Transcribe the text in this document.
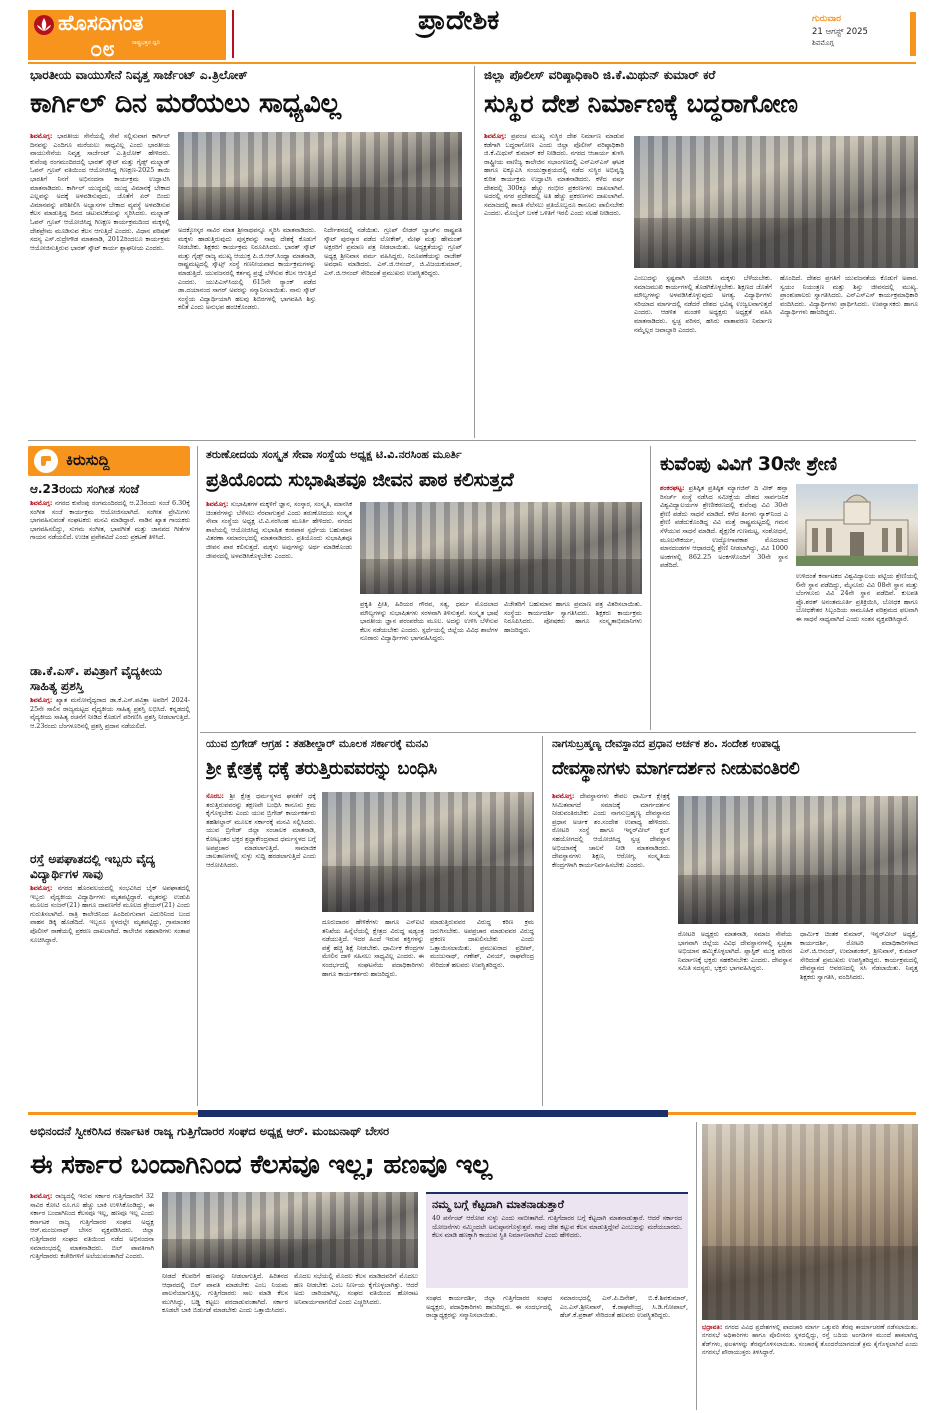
ಹೊಸದಿಗಂತ
ರಾಷ್ಟ್ರಭಕ್ತರ ಧ್ವನಿ
೦೮
ಪ್ರಾದೇಶಿಕ	ಗುರುವಾರ
21 ಆಗಸ್ಟ್ 2025
ಶಿವಮೊಗ್ಗ
ಭಾರತೀಯ ವಾಯುಸೇನೆ ನಿವೃತ್ತ ಸಾರ್ಜೆಂಟ್ ಎ.ತ್ರಿಲೋಕ್
ಕಾರ್ಗಿಲ್ ದಿನ ಮರೆಯಲು ಸಾಧ್ಯವಿಲ್ಲ
ಶಿವಮೊಗ್ಗ: ಭಾರತೀಯ ಸೇನೆಯಲ್ಲಿ ಸೇವೆ ಸಲ್ಲಿಸುವಾಗ ಕಾರ್ಗಿಲ್ ದಿನವನ್ನು ಎಂದಿಗೂ ಮರೆಯಲು ಸಾಧ್ಯವಿಲ್ಲ ಎಂದು ಭಾರತೀಯ ವಾಯುಸೇನೆಯ ನಿವೃತ್ತ ಸಾರ್ಜೆಂಟ್ ಎ.ತ್ರಿಲೋಕ್ ಹೇಳಿದರು. ಕುವೆಂಪು ರಂಗಮಂದಿರದಲ್ಲಿ ಭಾರತ್ ಸ್ಕೌಟ್ ಮತ್ತು ಗೈಡ್ಸ್ ಮಲ್ನಾಡ್ ಓಪನ್ ಗ್ರೂಪ್ ವತಿಯಿಂದ ಆಯೋಜಿಸಿದ್ದ ಗಿಣಕ್ಷಣ-2025 ತಾಯಿ ಭಾರತಿಗೆ ನಿನಗೆ ಅಭಿನಂದನಾ ಕಾರ್ಯಕ್ರಮ ಉದ್ಘಾಟಿಸಿ ಮಾತನಾಡಿದರು. ಕಾರ್ಗಿಲ್ ಯುದ್ಧದಲ್ಲಿ ಯುದ್ಧ ವಿಮಾನಕ್ಕೆ ಬೇಕಾದ ಎಲ್ಲವನ್ನು ಅದಕ್ಕೆ ಅಳವಡಿಸುವುದು, ಜೊತೆಗೆ ಏರ್ ಬಿಂದು ವಿಮಾನವನ್ನು ಪರಿಶೀಲಿಸಿ ಅಭ್ಯಾಸಗಳ ಬೇಕಾದ ವ್ಯವಸ್ಥೆ ಅಳವಡಿಸುವ ಕೆಲಸ ಮಾಡುತ್ತಿದ್ದ ದಿನದ ಚಟುವಟಿಕೆಯನ್ನು ಸ್ಮರಿಸಿದರು. ಮಲ್ನಾಡ್ ಓಪನ್ ಗ್ರೂಪ್ ಆಯೋಜಿಸಿದ್ದ ಗಿಣಕ್ಷಣ ಕಾರ್ಯಕ್ರಮದಿಂದ ಮಕ್ಕಳಲ್ಲಿ ದೇಶಪ್ರೇಮ ಮೂಡಿಸುವ ಕೆಲಸ ಆಗುತ್ತಿದೆ ಎಂದರು. ವಿಧಾನ ಪರಿಷತ್ ಸದಸ್ಯ ಎಸ್.ರುದ್ರೇಗೌಡ ಮಾತನಾಡಿ, 2012ರಿಂದಲೂ ಕಾರ್ಯಕ್ರಮ ಆಯೋಜಿಸುತ್ತಿರುವ ಭಾರತ್ ಸ್ಕೌಟ್ ಕಾರ್ಯ ಶ್ಲಾಘನೀಯ ಎಂದರು.
ಅದಕ್ಕೋಸ್ಕರ ಸಾವಿರ ಮಾತ ಶ್ರೀನಾಥವನ್ನೂ ಸ್ಮರಿಸಿ ಮಾತನಾಡಿದರು. ಮಕ್ಕಳು ಹಾಡುತ್ತಿರುವುದು ಪುಸ್ತಕವನ್ನು ನಾವು ದೇಶಕ್ಕೆ ಕೊಡುಗೆ ನೀಡಬೇಕು. ಶಿಕ್ಷಕರು ಕಾರ್ಯಕ್ರಮ ನಿರೂಪಿಸಿದರು. ಭಾರತ್ ಸ್ಕೌಟ್ ಮತ್ತು ಗೈಡ್ಸ್ ರಾಜ್ಯ ಮುಖ್ಯ ಆಯುಕ್ತ ಪಿ.ಜಿ.ಆರ್.ಸಿಂಧ್ಯಾ ಮಾತನಾಡಿ, ರಾಷ್ಟ್ರಮಟ್ಟದಲ್ಲಿ ಸ್ಕೌಟ್ಸ್ ಸಂಸ್ಥೆ ಗಣನೀಯವಾದ ಕಾರ್ಯಕ್ರಮಗಳನ್ನು ಮಾಡುತ್ತಿದೆ. ಯುವಜನರಲ್ಲಿ ಕರ್ತವ್ಯ ಪ್ರಜ್ಞೆ ಬೆಳೆಸುವ ಕೆಲಸ ಆಗುತ್ತಿದೆ ಎಂದರು. ಯುಪಿಎಸ್‌ಸಿಯಲ್ಲಿ 615ನೇ ರ‍್ಯಾಂಕ್ ಪಡೆದ ಡಾ.ದಯಾನಂದ ಸಾಗರ್ ಅವರನ್ನು ಸನ್ಮಾನಿಸಲಾಯಿತು. ನಾನು ಸ್ಕೌಟ್ ಸಂಸ್ಥೆಯ ವಿದ್ಯಾರ್ಥಿಯಾಗಿ ಹಲವು ಶಿಬಿರಗಳಲ್ಲಿ ಭಾಗವಹಿಸಿ ಶಿಸ್ತು ಕಲಿತೆ ಎಂದು ಅನುಭವ ಹಂಚಿಕೊಂಡರು.
ನಿರ್ದೇಶನದಲ್ಲಿ ನಡೆಯಿತು. ಗ್ರೂಪ್ ಲೀಡರ್ ಬ್ಯಾಚ್‌ನ ರಾಷ್ಟ್ರಪತಿ ಸ್ಕೌಟ್ ಪುರಸ್ಕಾರ ಪಡೆದ ಲೋಕೇಶ್, ಮೇಘ ಮತ್ತು ಹೇಮಂತ್ ಅಕ್ಷರರಿಗೆ ಪ್ರಮಾಣ ಪತ್ರ ನೀಡಲಾಯಿತು. ಅದ್ಯಕ್ಷತೆಯನ್ನು ಗ್ರೂಪ್ ಅಧ್ಯಕ್ಷ ಶ್ರೀನಿವಾಸ ವರ್ಮ ವಹಿಸಿದ್ದರು. ನಿರೂಪಣೆಯನ್ನು ರಾಜೇಶ್ ಅವಧಾನಿ ಮಾಡಿದರು. ಎಸ್.ಜಿ.ಆನಂದ್, ಜಿ.ವಿಜಯಕುಮಾರ್, ಎಸ್.ಜಿ.ಆನಂದ್ ಸೇರಿದಂತೆ ಪ್ರಮುಖರು ಉಪಸ್ಥಿತರಿದ್ದರು.
ಜಿಲ್ಲಾ ಪೊಲೀಸ್ ವರಿಷ್ಠಾಧಿಕಾರಿ ಜಿ.ಕೆ.ಮಿಥುನ್ ಕುಮಾರ್ ಕರೆ
ಸುಸ್ಥಿರ ದೇಶ ನಿರ್ಮಾಣಕ್ಕೆ ಬದ್ಧರಾಗೋಣ
ಶಿವಮೊಗ್ಗ: ಪ್ರಪಂಚ ಮುಖ್ಯ ಸುಸ್ಥಿರ ದೇಶ ನಿರ್ಮಾಣ ಮಾಡುವ ಕಡೆಗಾಗಿ ಬದ್ಧರಾಗೋಣ ಎಂದು ಜಿಲ್ಲಾ ಪೊಲೀಸ್ ವರಿಷ್ಠಾಧಿಕಾರಿ ಜಿ.ಕೆ.ಮಿಥುನ್ ಕುಮಾರ್ ಕರೆ ನೀಡಿದರು. ನಗರದ ಆಚಾರ್ಯ ತುಳಸಿ ರಾಷ್ಟ್ರೀಯ ವಾಣಿಜ್ಯ ಕಾಲೇಜಿನ ಸಭಾಂಗಣದಲ್ಲಿ ಎನ್‌ಎಸ್‌ಎಸ್ ಘಟಕ ಹಾಗೂ ಐಕ್ಯೂಎಸಿ ಸಂಯುಕ್ತಾಶ್ರಯದಲ್ಲಿ ನಡೆದ ಸುಸ್ಥಿರ ಅಭಿವೃದ್ಧಿ ಕುರಿತ ಕಾರ್ಯಕ್ರಮ ಉದ್ಘಾಟಿಸಿ ಮಾತನಾಡಿದರು. ಕಳೆದ ವರ್ಷ ದೇಶದಲ್ಲಿ 300ಕ್ಕೂ ಹೆಚ್ಚು ಗಂಭೀರ ಪ್ರಕರಣಗಳು ದಾಖಲಾಗಿವೆ. ಅದರಲ್ಲಿ ನಗರ ಪ್ರದೇಶದಲ್ಲಿ ಅತಿ ಹೆಚ್ಚು ಪ್ರಕರಣಗಳು ದಾಖಲಾಗಿವೆ. ಸಮಾಜದಲ್ಲಿ ಶಾಂತಿ ನೆಲೆಸಲು ಪ್ರತಿಯೊಬ್ಬರೂ ಕಾನೂನು ಪಾಲಿಸಬೇಕು ಎಂದರು. ಮೊಬೈಲ್ ಬಳಕೆ ಒಳಿತಿಗೆ ಇರಲಿ ಎಂದು ಸಲಹೆ ನೀಡಿದರು.
ಎಂಬುದನ್ನು ಸ್ಪಷ್ಟವಾಗಿ ಯೋಚಿಸಿ ಮಕ್ಕಳು ಬೆಳೆಯಬೇಕು. ಸಮಾಜಮುಖಿ ಕಾರ್ಯಗಳಲ್ಲಿ ತೊಡಗಿಕೊಳ್ಳಬೇಕು. ಶಿಕ್ಷಣದ ಜೊತೆಗೆ ಮೌಲ್ಯಗಳನ್ನು ಅಳವಡಿಸಿಕೊಳ್ಳುವುದು ಅಗತ್ಯ. ವಿದ್ಯಾರ್ಥಿಗಳು ಸರಿಯಾದ ಮಾರ್ಗದಲ್ಲಿ ನಡೆದರೆ ದೇಶದ ಭವಿಷ್ಯ ಉಜ್ವಲವಾಗುತ್ತದೆ ಎಂದರು. ಆಡಳಿತ ಮಂಡಳಿ ಅಧ್ಯಕ್ಷರು ಅಧ್ಯಕ್ಷತೆ ವಹಿಸಿ ಮಾತನಾಡಿದರು. ಸ್ವಚ್ಛ ಪರಿಸರ, ಹಸಿರು ವಾತಾವರಣ ನಿರ್ಮಾಣ ನಮ್ಮೆಲ್ಲರ ಜವಾಬ್ದಾರಿ ಎಂದರು.
ಹೊಂದಿದೆ. ದೇಶದ ಪ್ರಗತಿಗೆ ಯುವಜನತೆಯ ಕೊಡುಗೆ ಅಪಾರ. ಸ್ವಯಂ ನಿಯಂತ್ರಣ ಮತ್ತು ಶಿಸ್ತು ಜೀವನದಲ್ಲಿ ಮುಖ್ಯ. ಪ್ರಾಂಶುಪಾಲರು ಸ್ವಾಗತಿಸಿದರು. ಎನ್‌ಎಸ್‌ಎಸ್ ಕಾರ್ಯಕ್ರಮಾಧಿಕಾರಿ ವಂದಿಸಿದರು. ವಿದ್ಯಾರ್ಥಿಗಳು ಪ್ರಾರ್ಥಿಸಿದರು. ಉಪನ್ಯಾಸಕರು ಹಾಗೂ ವಿದ್ಯಾರ್ಥಿಗಳು ಹಾಜರಿದ್ದರು.
ಕಿರುಸುದ್ದಿ
ಆ.23ರಂದು ಸಂಗೀತ ಸಂಜೆ
ಶಿವಮೊಗ್ಗ: ನಗರದ ಕುವೆಂಪು ರಂಗಮಂದಿರದಲ್ಲಿ ಆ.23ರಂದು ಸಂಜೆ 6.30ಕ್ಕೆ ಸಂಗೀತ ಸಂಜೆ ಕಾರ್ಯಕ್ರಮ ಆಯೋಜಿಸಲಾಗಿದೆ. ಸಂಗೀತ ಪ್ರೇಮಿಗಳು ಭಾಗವಹಿಸುವಂತೆ ಸಂಘಟಕರು ಮನವಿ ಮಾಡಿದ್ದಾರೆ. ನಾಡಿನ ಖ್ಯಾತ ಗಾಯಕರು ಭಾಗವಹಿಸಲಿದ್ದು, ಸುಗಮ ಸಂಗೀತ, ಭಾವಗೀತೆ ಮತ್ತು ಜಾನಪದ ಗೀತೆಗಳ ಗಾಯನ ನಡೆಯಲಿದೆ. ಉಚಿತ ಪ್ರವೇಶವಿದೆ ಎಂದು ಪ್ರಕಟಣೆ ತಿಳಿಸಿದೆ.
ಡಾ.ಕೆ.ಎಸ್. ಪವಿತ್ರಾಗೆ ವೈದ್ಯಕೀಯ ಸಾಹಿತ್ಯ ಪ್ರಶಸ್ತಿ
ಶಿವಮೊಗ್ಗ: ಖ್ಯಾತ ಮನೋವೈದ್ಯರಾದ ಡಾ.ಕೆ.ಎಸ್.ಪವಿತ್ರಾ ಅವರಿಗೆ 2024-25ನೇ ಸಾಲಿನ ರಾಜ್ಯಮಟ್ಟದ ವೈದ್ಯಕೀಯ ಸಾಹಿತ್ಯ ಪ್ರಶಸ್ತಿ ಲಭಿಸಿದೆ. ಕನ್ನಡದಲ್ಲಿ ವೈದ್ಯಕೀಯ ಸಾಹಿತ್ಯ ರಚನೆಗೆ ನೀಡಿದ ಕೊಡುಗೆ ಪರಿಗಣಿಸಿ ಪ್ರಶಸ್ತಿ ನೀಡಲಾಗುತ್ತಿದೆ. ಆ.23ರಂದು ಬೆಂಗಳೂರಿನಲ್ಲಿ ಪ್ರಶಸ್ತಿ ಪ್ರದಾನ ನಡೆಯಲಿದೆ.
ರಸ್ತೆ ಅಪಘಾತದಲ್ಲಿ ಇಬ್ಬರು ವೈದ್ಯ ವಿದ್ಯಾರ್ಥಿಗಳ ಸಾವು
ಶಿವಮೊಗ್ಗ: ನಗರದ ಹೊರವಲಯದಲ್ಲಿ ಸಂಭವಿಸಿದ ಬೈಕ್ ಅಪಘಾತದಲ್ಲಿ ಇಬ್ಬರು ವೈದ್ಯಕೀಯ ವಿದ್ಯಾರ್ಥಿಗಳು ಮೃತಪಟ್ಟಿದ್ದಾರೆ. ಮೃತರನ್ನು ಉಡುಪಿ ಮೂಲದ ಸಂಜನ್(21) ಹಾಗೂ ದಾವಣಗೆರೆ ಮೂಲದ ಶ್ರೇಯಸ್(21) ಎಂದು ಗುರುತಿಸಲಾಗಿದೆ. ರಾತ್ರಿ ಕಾಲೇಜಿನಿಂದ ಹಿಂದಿರುಗುವಾಗ ಎದುರಿನಿಂದ ಬಂದ ವಾಹನ ಡಿಕ್ಕಿ ಹೊಡೆದಿದೆ. ಇಬ್ಬರೂ ಸ್ಥಳದಲ್ಲೇ ಮೃತಪಟ್ಟಿದ್ದು, ಗ್ರಾಮಾಂತರ ಪೊಲೀಸ್ ಠಾಣೆಯಲ್ಲಿ ಪ್ರಕರಣ ದಾಖಲಾಗಿದೆ. ಕಾಲೇಜಿನ ಸಹಪಾಠಿಗಳು ಸಂತಾಪ ಸೂಚಿಸಿದ್ದಾರೆ.
ತರುಣೋದಯ ಸಂಸ್ಕೃತ ಸೇವಾ ಸಂಸ್ಥೆಯ ಅಧ್ಯಕ್ಷ ಟಿ.ವಿ.ನರಸಿಂಹ ಮೂರ್ತಿ
ಪ್ರತಿಯೊಂದು ಸುಭಾಷಿತವೂ ಜೀವನ ಪಾಠ ಕಲಿಸುತ್ತದೆ
ಶಿವಮೊಗ್ಗ: ಸುಭಾಷಿತಗಳ ಮಕ್ಕಳಿಗೆ ಜ್ಞಾನ, ಸಂಸ್ಕಾರ, ಸಂಸ್ಕೃತಿ, ಮಾನಸಿಕ ಚಿಂತನೆಗಳನ್ನು ಬೆಳೆಸಲು ನೆರವಾಗುತ್ತವೆ ಎಂದು ತರುಣೋದಯ ಸಂಸ್ಕೃತ ಸೇವಾ ಸಂಸ್ಥೆಯ ಅಧ್ಯಕ್ಷ ಟಿ.ವಿ.ನರಸಿಂಹ ಮೂರ್ತಿ ಹೇಳಿದರು. ನಗರದ ಶಾಲೆಯಲ್ಲಿ ಆಯೋಜಿಸಿದ್ದ ಸುಭಾಷಿತ ಕಂಠಪಾಠ ಸ್ಪರ್ಧೆಯ ಬಹುಮಾನ ವಿತರಣಾ ಸಮಾರಂಭದಲ್ಲಿ ಮಾತನಾಡಿದರು. ಪ್ರತಿಯೊಂದು ಸುಭಾಷಿತವೂ ಜೀವನ ಪಾಠ ಕಲಿಸುತ್ತದೆ. ಮಕ್ಕಳು ಅವುಗಳನ್ನು ಅರ್ಥ ಮಾಡಿಕೊಂಡು ಜೀವನದಲ್ಲಿ ಅಳವಡಿಸಿಕೊಳ್ಳಬೇಕು ಎಂದರು.
ಪ್ರಕೃತಿ ಪ್ರೀತಿ, ಹಿರಿಯರ ಗೌರವ, ಸತ್ಯ, ಧರ್ಮ ಮೊದಲಾದ ಮೌಲ್ಯಗಳನ್ನು ಸುಭಾಷಿತಗಳು ಸರಳವಾಗಿ ತಿಳಿಸುತ್ತವೆ. ಸಂಸ್ಕೃತ ಭಾಷೆ ಭಾರತೀಯ ಜ್ಞಾನ ಪರಂಪರೆಯ ಮೂಲ. ಅದನ್ನು ಉಳಿಸಿ ಬೆಳೆಸುವ ಕೆಲಸ ನಡೆಯಬೇಕು ಎಂದರು. ಸ್ಪರ್ಧೆಯಲ್ಲಿ ಜಿಲ್ಲೆಯ ವಿವಿಧ ಶಾಲೆಗಳ ನೂರಾರು ವಿದ್ಯಾರ್ಥಿಗಳು ಭಾಗವಹಿಸಿದ್ದರು.
ವಿಜೇತರಿಗೆ ಬಹುಮಾನ ಹಾಗೂ ಪ್ರಮಾಣ ಪತ್ರ ವಿತರಿಸಲಾಯಿತು. ಸಂಸ್ಥೆಯ ಕಾರ್ಯದರ್ಶಿ ಸ್ವಾಗತಿಸಿದರು. ಶಿಕ್ಷಕರು ಕಾರ್ಯಕ್ರಮ ನಿರೂಪಿಸಿದರು. ಪೋಷಕರು ಹಾಗೂ ಸಂಸ್ಕೃತಾಭಿಮಾನಿಗಳು ಹಾಜರಿದ್ದರು.
ಕುವೆಂಪು ವಿವಿಗೆ 30ನೇ ಶ್ರೇಣಿ
ಶಂಕರಘಟ್ಟ: ಪ್ರತಿಷ್ಠಿತ ಪ್ರತಿಷ್ಠಿತ ಮ್ಯಾಗಜಿನ್ ದಿ ವೀಕ್ ಹನ್ಸಾ ರಿಸರ್ಚ್ ಸಂಸ್ಥೆ ನಡೆಸಿದ ಸಮೀಕ್ಷೆಯ ದೇಶದ ಸಾರ್ವಜನಿಕ ವಿಶ್ವವಿದ್ಯಾಲಯಗಳ ಶ್ರೇಣೀಕರಣದಲ್ಲಿ ಕುವೆಂಪು ವಿವಿ 30ನೇ ಶ್ರೇಣಿ ಪಡೆದು ಸಾಧನೆ ಮಾಡಿದೆ. ಕಳೆದ ತಿಂಗಳು ನ್ಯಾಕ್‌ನಿಂದ ಎ ಶ್ರೇಣಿ ಪಡೆದುಕೊಂಡಿದ್ದ ವಿವಿ ಮತ್ತೆ ರಾಷ್ಟ್ರಮಟ್ಟದಲ್ಲಿ ಗಮನ ಸೆಳೆಯುವ ಸಾಧನೆ ಮಾಡಿದೆ. ಶೈಕ್ಷಣಿಕ ಗುಣಮಟ್ಟ, ಸಂಶೋಧನೆ, ಮೂಲಸೌಕರ್ಯ, ಉದ್ಯೋಗಾವಕಾಶ ಮೊದಲಾದ ಮಾನದಂಡಗಳ ಆಧಾರದಲ್ಲಿ ಶ್ರೇಣಿ ನೀಡಲಾಗಿದ್ದು, ವಿವಿ 1000 ಅಂಕಗಳಲ್ಲಿ 862.25 ಅಂಕಗಳೊಂದಿಗೆ 30ನೇ ಸ್ಥಾನ ಪಡೆದಿದೆ.
ಉಳಿದಂತೆ ಕರ್ನಾಟಕದ ವಿಶ್ವವಿದ್ಯಾಲಯ ಪಟ್ಟಿಯ ಶ್ರೇಣಿಯಲ್ಲಿ 6ನೇ ಸ್ಥಾನ ಪಡೆದಿದ್ದು, ಮೈಸೂರು ವಿವಿ 08ನೇ ಸ್ಥಾನ ಮತ್ತು ಬೆಂಗಳೂರು ವಿವಿ 24ನೇ ಸ್ಥಾನ ಪಡೆದಿವೆ. ಕುಲಪತಿ ಪ್ರೊ.ಶರತ್ ಅನಂತಮೂರ್ತಿ ಪ್ರತಿಕ್ರಿಯಿಸಿ, ಬೋಧಕ ಹಾಗೂ ಬೋಧಕೇತರ ಸಿಬ್ಬಂದಿಯ ಸಾಮೂಹಿಕ ಪರಿಶ್ರಮದ ಫಲವಾಗಿ ಈ ಸಾಧನೆ ಸಾಧ್ಯವಾಗಿದೆ ಎಂದು ಸಂತಸ ವ್ಯಕ್ತಪಡಿಸಿದ್ದಾರೆ.
ಯುವ ಬ್ರಿಗೇಡ್ ಆಗ್ರಹ : ತಹಶೀಲ್ದಾರ್ ಮೂಲಕ ಸರ್ಕಾರಕ್ಕೆ ಮನವಿ
ಶ್ರೀ ಕ್ಷೇತ್ರಕ್ಕೆ ಧಕ್ಕೆ ತರುತ್ತಿರುವವರನ್ನು ಬಂಧಿಸಿ
ಸೊರಬ: ಶ್ರೀ ಕ್ಷೇತ್ರ ಧರ್ಮಸ್ಥಳದ ಘನತೆಗೆ ಧಕ್ಕೆ ತರುತ್ತಿರುವವರನ್ನು ತಕ್ಷಣವೇ ಬಂಧಿಸಿ ಕಾನೂನು ಕ್ರಮ ಕೈಗೊಳ್ಳಬೇಕು ಎಂದು ಯುವ ಬ್ರಿಗೇಡ್ ಕಾರ್ಯಕರ್ತರು ತಹಶೀಲ್ದಾರ್ ಮೂಲಕ ಸರ್ಕಾರಕ್ಕೆ ಮನವಿ ಸಲ್ಲಿಸಿದರು. ಯುವ ಬ್ರಿಗೇಡ್ ಜಿಲ್ಲಾ ಸಂಚಾಲಕ ಮಾತನಾಡಿ, ಕೋಟ್ಯಂತರ ಭಕ್ತರ ಶ್ರದ್ಧಾಕೇಂದ್ರವಾದ ಧರ್ಮಸ್ಥಳದ ಬಗ್ಗೆ ಅಪಪ್ರಚಾರ ಮಾಡಲಾಗುತ್ತಿದೆ. ಸಾಮಾಜಿಕ ಜಾಲತಾಣಗಳಲ್ಲಿ ಸುಳ್ಳು ಸುದ್ದಿ ಹರಡಲಾಗುತ್ತಿದೆ ಎಂದು ಆರೋಪಿಸಿದರು.
ದೂರುದಾರನ ಹೇಳಿಕೆಗಳು ಹಾಗೂ ಎಸ್‌ಐಟಿ ತನಿಖೆಯ ಹಿನ್ನೆಲೆಯಲ್ಲಿ ಕ್ಷೇತ್ರದ ವಿರುದ್ಧ ಷಡ್ಯಂತ್ರ ನಡೆಯುತ್ತಿದೆ. ಇದರ ಹಿಂದೆ ಇರುವ ಶಕ್ತಿಗಳನ್ನು ಪತ್ತೆ ಹಚ್ಚಿ ಶಿಕ್ಷೆ ನೀಡಬೇಕು. ಧಾರ್ಮಿಕ ಕೇಂದ್ರಗಳ ಮೇಲಿನ ದಾಳಿ ಸಹಿಸಲು ಸಾಧ್ಯವಿಲ್ಲ ಎಂದರು. ಈ ಸಂದರ್ಭದಲ್ಲಿ ಸಂಘಟನೆಯ ಪದಾಧಿಕಾರಿಗಳು ಹಾಗೂ ಕಾರ್ಯಕರ್ತರು ಹಾಜರಿದ್ದರು.
ಮಾಡುತ್ತಿರುವವರ ವಿರುದ್ಧ ಕಠಿಣ ಕ್ರಮ ಜರುಗಿಸಬೇಕು. ಅಪಪ್ರಚಾರ ಮಾಡುವವರ ವಿರುದ್ಧ ಪ್ರಕರಣ ದಾಖಲಿಸಬೇಕು ಎಂದು ಒತ್ತಾಯಿಸಲಾಯಿತು. ಪ್ರಮುಖರಾದ ಪ್ರದೀಪ್, ಮಂಜುನಾಥ್, ಗಣೇಶ್, ವಿನಯ್, ರಾಘವೇಂದ್ರ ಸೇರಿದಂತೆ ಹಲವರು ಉಪಸ್ಥಿತರಿದ್ದರು.
ನಾಗಸುಬ್ರಹ್ಮಣ್ಯ ದೇವಸ್ಥಾನದ ಪ್ರಧಾನ ಅರ್ಚಕ ಶಂ. ಸಂದೇಶ ಉಪಾಧ್ಯ
ದೇವಸ್ಥಾನಗಳು ಮಾರ್ಗದರ್ಶನ ನೀಡುವಂತಿರಲಿ
ಶಿವಮೊಗ್ಗ: ದೇವಸ್ಥಾನಗಳು ಕೇವಲ ಧಾರ್ಮಿಕ ಕ್ಷೇತ್ರಕ್ಕೆ ಸೀಮಿತವಾಗದೆ ಸಮಾಜಕ್ಕೆ ಮಾರ್ಗದರ್ಶನ ನೀಡುವಂತಿರಬೇಕು ಎಂದು ನಾಗಸುಬ್ರಹ್ಮಣ್ಯ ದೇವಸ್ಥಾನದ ಪ್ರಧಾನ ಅರ್ಚಕ ಶಂ.ಸಂದೇಶ ಉಪಾಧ್ಯ ಹೇಳಿದರು. ರೋಟರಿ ಸಂಸ್ಥೆ ಹಾಗೂ ಇನ್ನರ್‌ವೀಲ್ ಕ್ಲಬ್ ಸಹಯೋಗದಲ್ಲಿ ಆಯೋಜಿಸಿದ್ದ ಸ್ವಚ್ಛ ದೇವಸ್ಥಾನ ಅಭಿಯಾನಕ್ಕೆ ಚಾಲನೆ ನೀಡಿ ಮಾತನಾಡಿದರು. ದೇವಸ್ಥಾನಗಳು ಶಿಕ್ಷಣ, ಆರೋಗ್ಯ, ಸಂಸ್ಕೃತಿಯ ಕೇಂದ್ರಗಳಾಗಿ ಕಾರ್ಯನಿರ್ವಹಿಸಬೇಕು ಎಂದರು.
ರೋಟರಿ ಅಧ್ಯಕ್ಷರು ಮಾತನಾಡಿ, ಸಮಾಜ ಸೇವೆಯ ಭಾಗವಾಗಿ ಜಿಲ್ಲೆಯ ವಿವಿಧ ದೇವಸ್ಥಾನಗಳಲ್ಲಿ ಸ್ವಚ್ಛತಾ ಅಭಿಯಾನ ಹಮ್ಮಿಕೊಳ್ಳಲಾಗಿದೆ. ಪ್ಲಾಸ್ಟಿಕ್ ಮುಕ್ತ ಪರಿಸರ ನಿರ್ಮಾಣಕ್ಕೆ ಭಕ್ತರು ಸಹಕರಿಸಬೇಕು ಎಂದರು. ದೇವಸ್ಥಾನ ಸಮಿತಿ ಸದಸ್ಯರು, ಭಕ್ತರು ಭಾಗವಹಿಸಿದ್ದರು.
ಧಾರ್ಮಿಕ ಚಿಂತಕ ಕುಮಾರ್, ಇನ್ನರ್‌ವೀಲ್ ಅಧ್ಯಕ್ಷೆ, ಕಾರ್ಯದರ್ಶಿ, ರೋಟರಿ ಪದಾಧಿಕಾರಿಗಳಾದ ಎಸ್.ಜಿ.ಆನಂದ್, ಉಮಾಶಂಕರ್, ಶ್ರೀನಿವಾಸ್, ಕುಮಾರ್ ಸೇರಿದಂತೆ ಪ್ರಮುಖರು ಉಪಸ್ಥಿತರಿದ್ದರು. ಕಾರ್ಯಕ್ರಮದಲ್ಲಿ ದೇವಸ್ಥಾನದ ಆವರಣದಲ್ಲಿ ಸಸಿ ನೆಡಲಾಯಿತು. ನಿವೃತ್ತ ಶಿಕ್ಷಕರು ಸ್ವಾಗತಿಸಿ, ವಂದಿಸಿದರು.
ಅಭಿನಂದನೆ ಸ್ವೀಕರಿಸಿದ ಕರ್ನಾಟಕ ರಾಜ್ಯ ಗುತ್ತಿಗೆದಾರರ ಸಂಘದ ಅಧ್ಯಕ್ಷ ಆರ್. ಮಂಜುನಾಥ್ ಬೇಸರ
ಈ ಸರ್ಕಾರ ಬಂದಾಗಿನಿಂದ ಕೆಲಸವೂ ಇಲ್ಲ; ಹಣವೂ ಇಲ್ಲ
ಶಿವಮೊಗ್ಗ: ರಾಜ್ಯದಲ್ಲಿ ಇರುವ ಸರ್ಕಾರ ಗುತ್ತಿಗೆದಾರರಿಗೆ 32 ಸಾವಿರ ಕೋಟಿ ರೂ.ಗೂ ಹೆಚ್ಚು ಬಾಕಿ ಉಳಿಸಿಕೊಂಡಿದ್ದು, ಈ ಸರ್ಕಾರ ಬಂದಾಗಿನಿಂದ ಕೆಲಸವೂ ಇಲ್ಲ, ಹಣವೂ ಇಲ್ಲ ಎಂದು ಕರ್ನಾಟಕ ರಾಜ್ಯ ಗುತ್ತಿಗೆದಾರರ ಸಂಘದ ಅಧ್ಯಕ್ಷ ಆರ್.ಮಂಜುನಾಥ್ ಬೇಸರ ವ್ಯಕ್ತಪಡಿಸಿದರು. ಜಿಲ್ಲಾ ಗುತ್ತಿಗೆದಾರರ ಸಂಘದ ವತಿಯಿಂದ ನಡೆದ ಅಭಿನಂದನಾ ಸಮಾರಂಭದಲ್ಲಿ ಮಾತನಾಡಿದರು. ಬಿಲ್ ಪಾವತಿಗಾಗಿ ಗುತ್ತಿಗೆದಾರರು ಕಚೇರಿಗಳಿಗೆ ಅಲೆಯುವಂತಾಗಿದೆ ಎಂದರು.
ನೀಡದೆ ಕೆಲವರಿಗೆ ಹಣವನ್ನು ನೀಡಲಾಗುತ್ತಿದೆ. ಹಿರಿತನದ ಆಧಾರದಲ್ಲಿ ಬಿಲ್ ಪಾವತಿ ಮಾಡಬೇಕು ಎಂಬ ನಿಯಮ ಪಾಲನೆಯಾಗುತ್ತಿಲ್ಲ. ಗುತ್ತಿಗೆದಾರರು ಸಾಲ ಮಾಡಿ ಕೆಲಸ ಮುಗಿಸಿದ್ದು, ಬಡ್ಡಿ ಕಟ್ಟಲು ಪರದಾಡುವಂತಾಗಿದೆ. ಸರ್ಕಾರ ಕೂಡಲೇ ಬಾಕಿ ಬಿಡುಗಡೆ ಮಾಡಬೇಕು ಎಂದು ಒತ್ತಾಯಿಸಿದರು.
ಮೊದಲ ಸಭೆಯಲ್ಲಿ ಮೊದಲ ಕೆಲಸ ಮಾಡಿದವರಿಗೆ ಮೊದಲು ಹಣ ನೀಡಬೇಕು ಎಂಬ ನಿರ್ಣಯ ಕೈಗೊಳ್ಳಲಾಗಿತ್ತು. ಆದರೆ ಅದು ಜಾರಿಯಾಗಿಲ್ಲ. ಸಂಘದ ವತಿಯಿಂದ ಹೋರಾಟ ಅನಿವಾರ್ಯವಾಗಲಿದೆ ಎಂದು ಎಚ್ಚರಿಸಿದರು.
ನಮ್ಮ ಬಗ್ಗೆ ಕೆಟ್ಟದಾಗಿ ಮಾತನಾಡುತ್ತಾರೆ
40 ಪರ್ಸೆಂಟ್ ಆರೋಪ ಸುಳ್ಳು ಎಂದು ಸಾಬೀತಾಗಿದೆ. ಗುತ್ತಿಗೆದಾರರ ಬಗ್ಗೆ ಕೆಟ್ಟದಾಗಿ ಮಾತನಾಡುತ್ತಾರೆ. ಆದರೆ ಸರ್ಕಾರದ ಯೋಜನೆಗಳು ನಮ್ಮಿಂದಲೇ ಅನುಷ್ಠಾನಗೊಳ್ಳುತ್ತವೆ. ನಾವು ದೇಶ ಕಟ್ಟುವ ಕೆಲಸ ಮಾಡುತ್ತಿದ್ದೇವೆ ಎಂಬುದನ್ನು ಮರೆಯಬಾರದು. ಕೆಲಸ ಮಾಡಿ ಹಣಕ್ಕಾಗಿ ಕಾಯುವ ಸ್ಥಿತಿ ನಿರ್ಮಾಣವಾಗಿದೆ ಎಂದು ಹೇಳಿದರು.
ಸಂಘದ ಕಾರ್ಯದರ್ಶಿ, ಜಿಲ್ಲಾ ಗುತ್ತಿಗೆದಾರರ ಸಂಘದ ಅಧ್ಯಕ್ಷರು, ಪದಾಧಿಕಾರಿಗಳು ಹಾಜರಿದ್ದರು. ಈ ಸಂದರ್ಭದಲ್ಲಿ ರಾಜ್ಯಾಧ್ಯಕ್ಷರನ್ನು ಸನ್ಮಾನಿಸಲಾಯಿತು.
ಸಮಾರಂಭದಲ್ಲಿ ಎಸ್.ಪಿ.ದಿನೇಶ್, ಬಿ.ಕೆ.ಶಿವಕುಮಾರ್, ಎಂ.ಎಸ್.ಶ್ರೀನಿವಾಸ್, ಕೆ.ರಾಘವೇಂದ್ರ, ಸಿ.ಡಿ.ಗೋಪಾಲ್, ಹೆಚ್.ಕೆ.ಪ್ರಕಾಶ್ ಸೇರಿದಂತೆ ಹಲವರು ಉಪಸ್ಥಿತರಿದ್ದರು.
ಭದ್ರಾವತಿ: ನಗರದ ವಿವಿಧ ಪ್ರದೇಶಗಳಲ್ಲಿ ಪಾದಚಾರಿ ಮಾರ್ಗ ಒತ್ತುವರಿ ತೆರವು ಕಾರ್ಯಾಚರಣೆ ನಡೆಸಲಾಯಿತು. ನಗರಸಭೆ ಅಧಿಕಾರಿಗಳು ಹಾಗೂ ಪೊಲೀಸರು ಸ್ಥಳದಲ್ಲಿದ್ದು, ರಸ್ತೆ ಬದಿಯ ಅಂಗಡಿಗಳ ಮುಂದೆ ಹಾಕಲಾಗಿದ್ದ ಶೆಡ್‌ಗಳು, ಫಲಕಗಳನ್ನು ತೆರವುಗೊಳಿಸಲಾಯಿತು. ಸಂಚಾರಕ್ಕೆ ತೊಂದರೆಯಾಗದಂತೆ ಕ್ರಮ ಕೈಗೊಳ್ಳಲಾಗಿದೆ ಎಂದು ನಗರಸಭೆ ಪೌರಾಯುಕ್ತರು ತಿಳಿಸಿದ್ದಾರೆ.
